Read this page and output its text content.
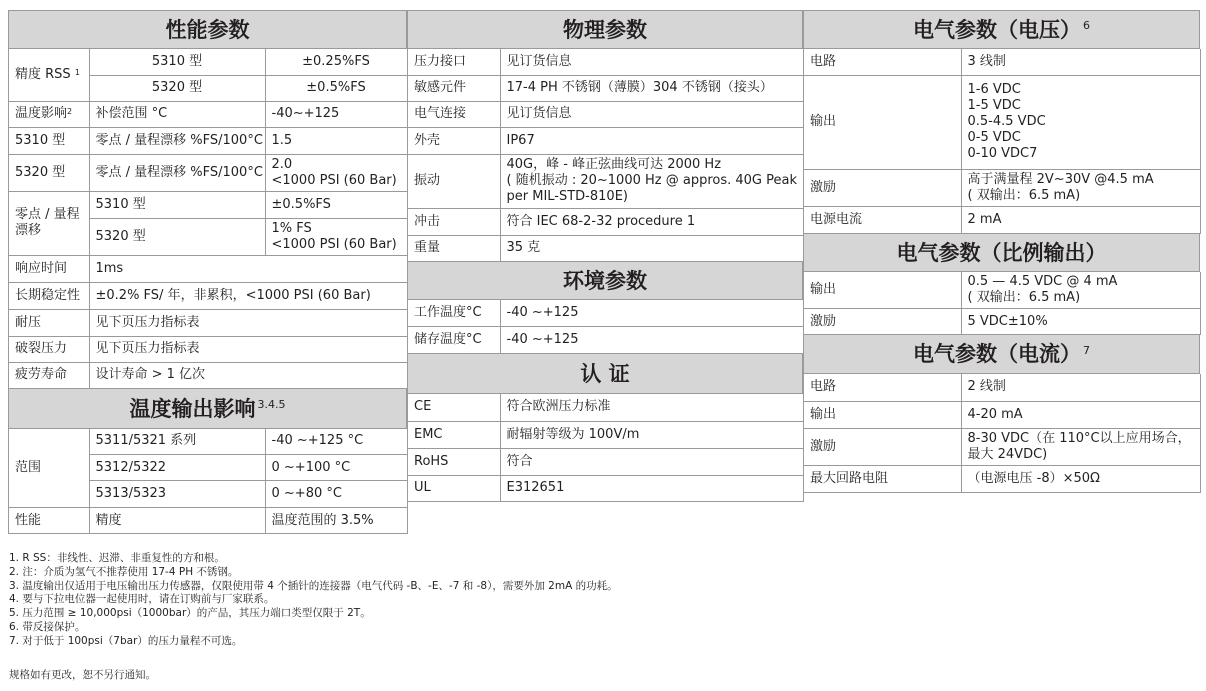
性能参数
精度 RSS $^1$	5310 型	±0.25%FS
	5320 型	±0.5%FS
温度影响$^2$	补偿范围 °C	-40~+125
5310 型	零点 / 量程漂移 %FS/100°C	1.5
5320 型	零点 / 量程漂移 %FS/100°C	2.0
<1000 PSI (60 Bar)

零点 / 量程
漂移	5310 型	±0.5%FS
	5320 型	1% FS
<1000 PSI (60 Bar)

响应时间	1ms	
长期稳定性	±0.2% FS/ 年，非累积，<1000 PSI (60 Bar)	
耐压	见下页压力指标表	
破裂压力	见下页压力指标表	
疲劳寿命	设计寿命 > 1 亿次	
温度输出影响 $^{3.4.5}$
范围	5311/5321 系列	-40 ~+125 °C
	5312/5322	0 ~+100 °C
	5313/5323	0 ~+80 °C
性能	精度	温度范围的 3.5%
物理参数
压力接口	见订货信息
敏感元件	17-4 PH 不锈钢（薄膜）304 不锈钢（接头）
电气连接	见订货信息
外壳	IP67
振动	40G，峰 - 峰正弦曲线可达 2000 Hz
( 随机振动 : 20~1000 Hz @ appros. 40G Peak
per MIL-STD-810E)

冲击	符合 IEC 68-2-32 procedure 1
重量	35 克
环境参数
工作温度°C	-40 ~+125
储存温度°C	-40 ~+125
认 证
CE	符合欧洲压力标准
EMC	耐辐射等级为 100V/m
RoHS	符合
UL	E312651
电气参数（电压） $^6$
电路	3 线制
输出	1-6 VDC
1-5 VDC
0.5-4.5 VDC
0-5 VDC
0-10 VDC7

激励	高于满量程 2V~30V @4.5 mA
( 双输出：6.5 mA)

电源电流	2 mA
电气参数（比例输出）
输出	0.5 — 4.5 VDC @ 4 mA
( 双输出：6.5 mA)

激励	5 VDC±10%
电气参数（电流） $^7$
电路	2 线制
输出	4-20 mA
激励	8-30 VDC（在 110°C以上应用场合，
最大 24VDC)

最大回路电阻	（电源电压 -8）×50Ω
1. R SS：非线性、迟滞、非重复性的方和根。
2. 注：介质为氢气不推荐使用 17-4 PH 不锈钢。
3. 温度输出仅适用于电压输出压力传感器，仅限使用带 4 个插针的连接器（电气代码 -B、-E、-7 和 -8），需要外加 2mA 的功耗。
4. 要与下拉电位器一起使用时，请在订购前与厂家联系。
5. 压力范围 ≥ 10,000psi（1000bar）的产品，其压力端口类型仅限于 2T。
6. 带反接保护。
7. 对于低于 100psi（7bar）的压力量程不可选。
规格如有更改，恕不另行通知。
